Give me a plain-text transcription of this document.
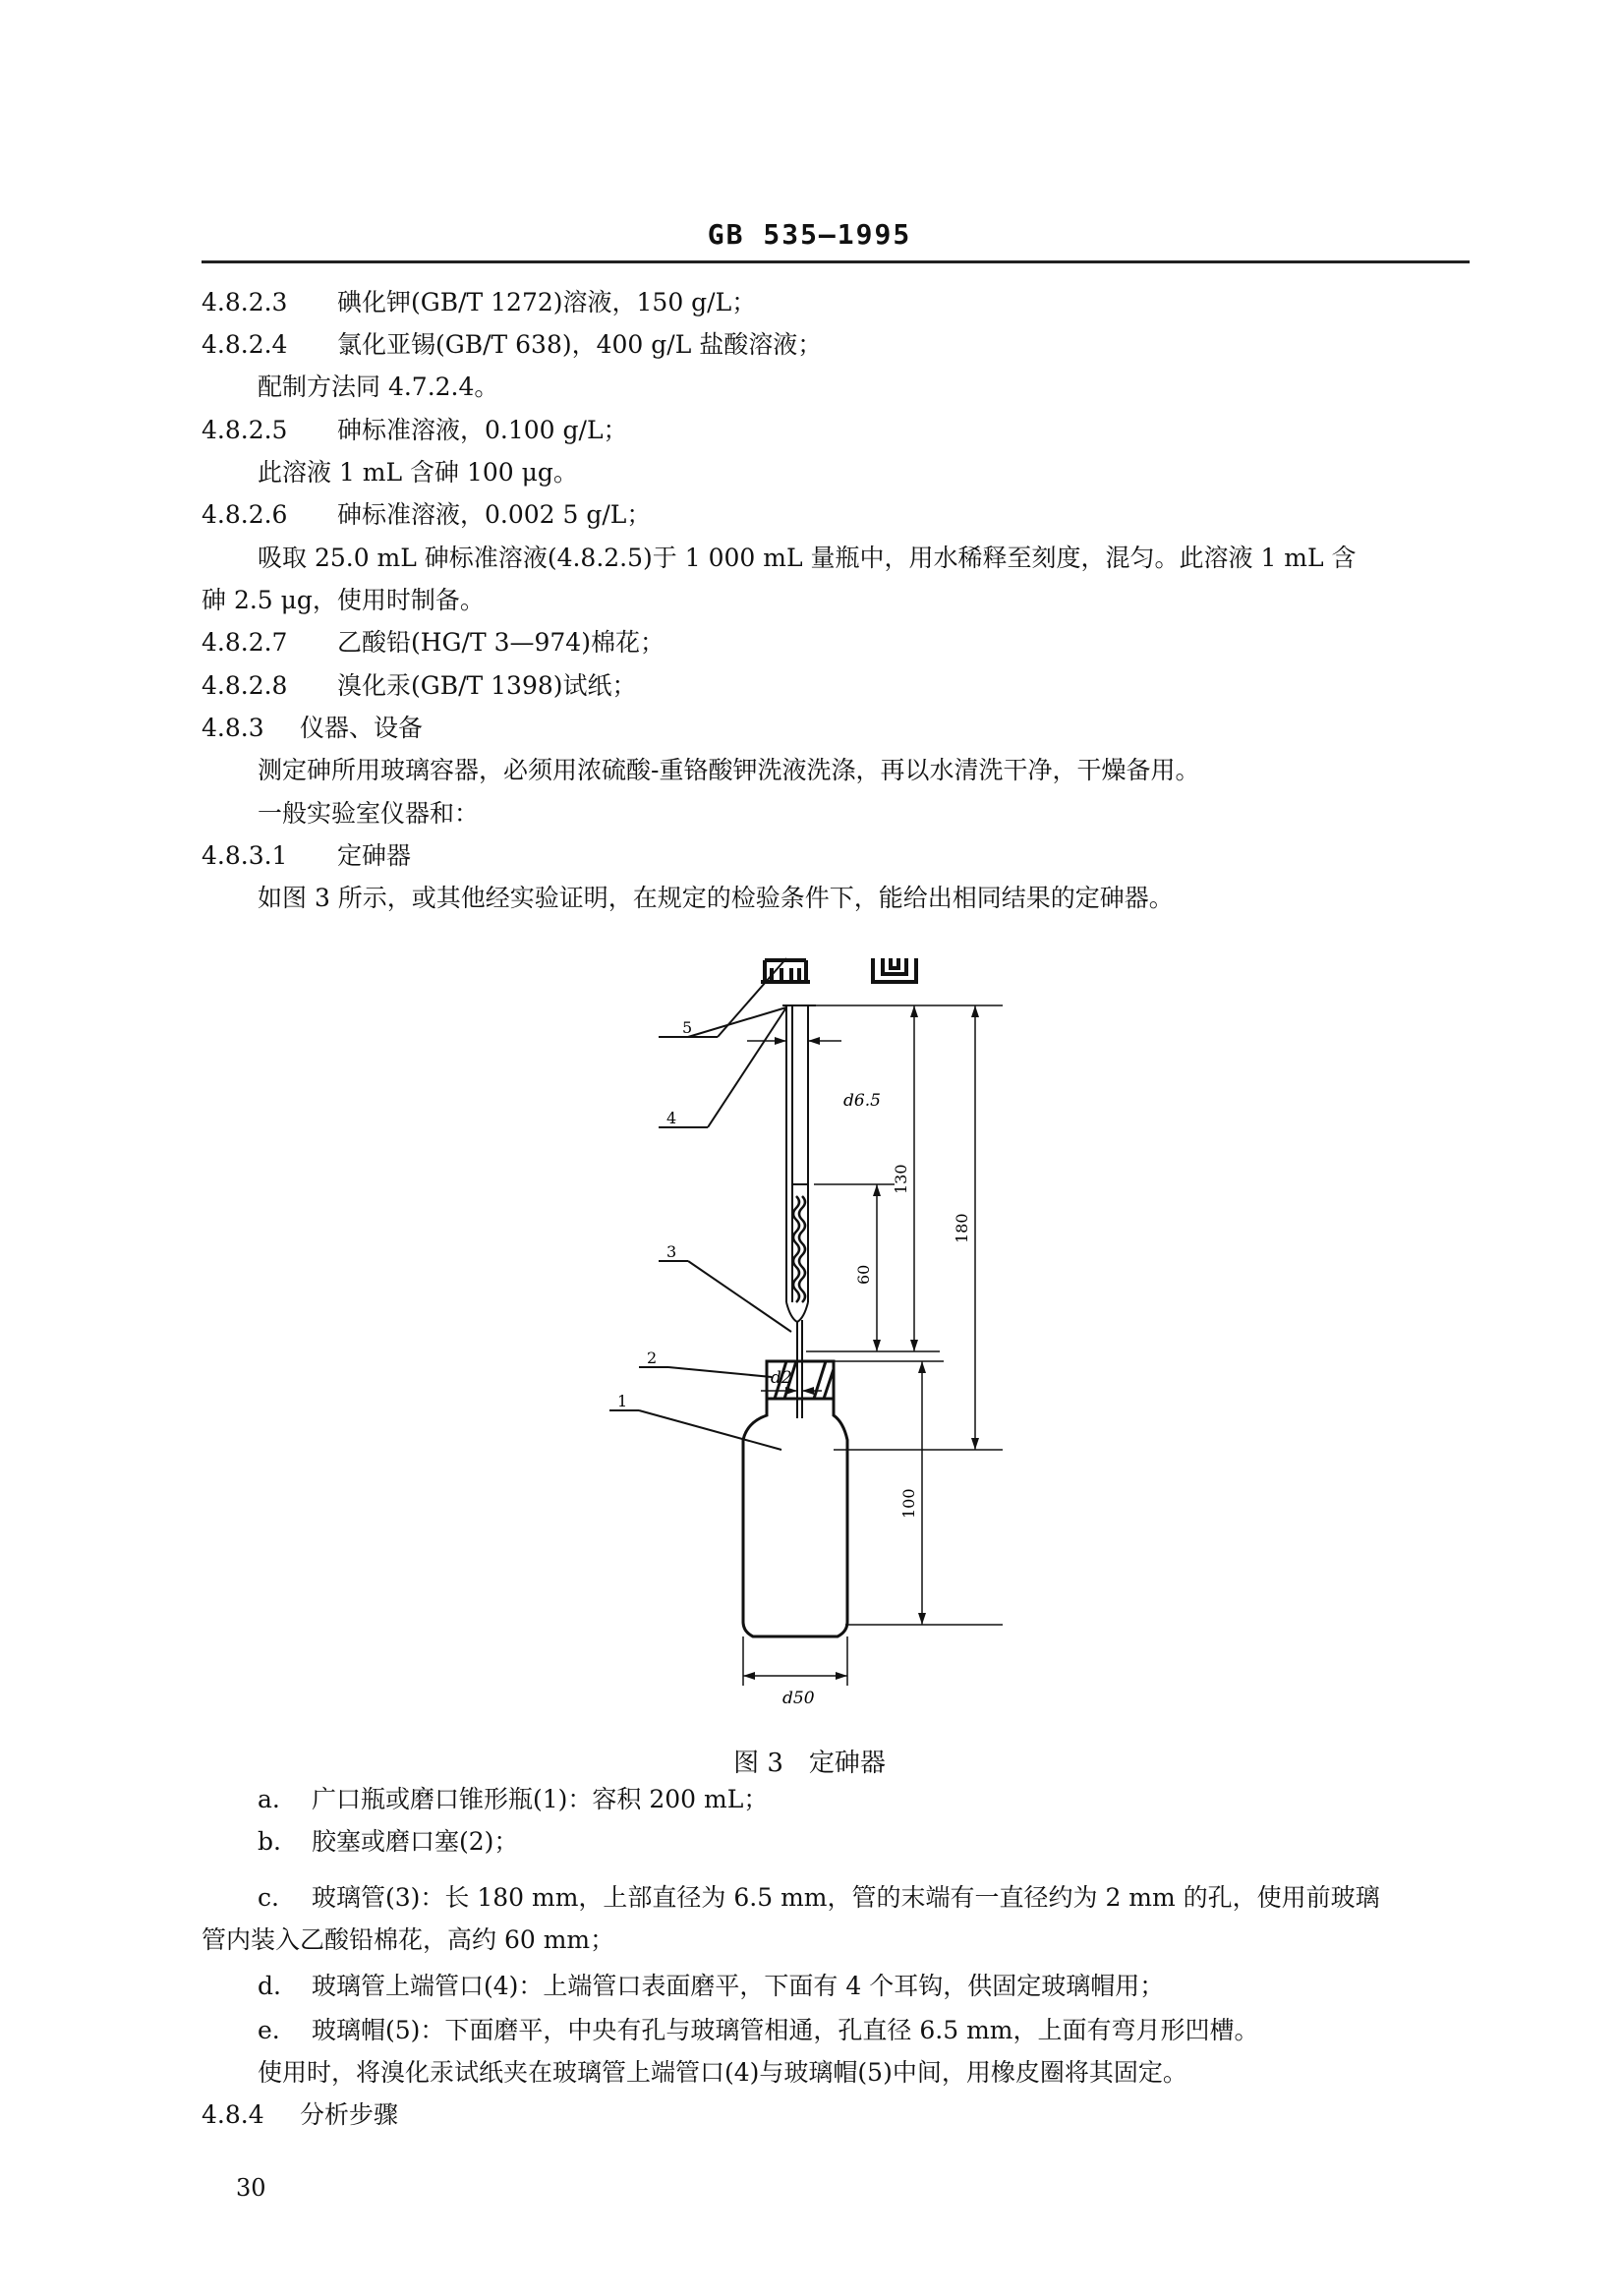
GB 535—1995
4.8.2.3 碘化钾(GB/T 1272)溶液，150 g/L；
4.8.2.4 氯化亚锡(GB/T 638)，400 g/L 盐酸溶液；
配制方法同 4.7.2.4。
4.8.2.5 砷标准溶液，0.100 g/L；
此溶液 1 mL 含砷 100 μg。
4.8.2.6 砷标准溶液，0.002 5 g/L；
吸取 25.0 mL 砷标准溶液(4.8.2.5)于 1 000 mL 量瓶中，用水稀释至刻度，混匀。此溶液 1 mL 含
砷 2.5 μg，使用时制备。
4.8.2.7 乙酸铅(HG/T 3—974)棉花；
4.8.2.8 溴化汞(GB/T 1398)试纸；
4.8.3 仪器、设备
测定砷所用玻璃容器，必须用浓硫酸-重铬酸钾洗液洗涤，再以水清洗干净，干燥备用。
一般实验室仪器和：
4.8.3.1 定砷器
如图 3 所示，或其他经实验证明，在规定的检验条件下，能给出相同结果的定砷器。
5
4
3
2
1
d6.5
d2
d50
130
180
60
100
图 3　定砷器
a. 广口瓶或磨口锥形瓶(1)：容积 200 mL；
b. 胶塞或磨口塞(2)；
c. 玻璃管(3)：长 180 mm，上部直径为 6.5 mm，管的末端有一直径约为 2 mm 的孔，使用前玻璃
管内装入乙酸铅棉花，高约 60 mm；
d. 玻璃管上端管口(4)：上端管口表面磨平，下面有 4 个耳钩，供固定玻璃帽用；
e. 玻璃帽(5)：下面磨平，中央有孔与玻璃管相通，孔直径 6.5 mm，上面有弯月形凹槽。
使用时，将溴化汞试纸夹在玻璃管上端管口(4)与玻璃帽(5)中间，用橡皮圈将其固定。
4.8.4 分析步骤
30
